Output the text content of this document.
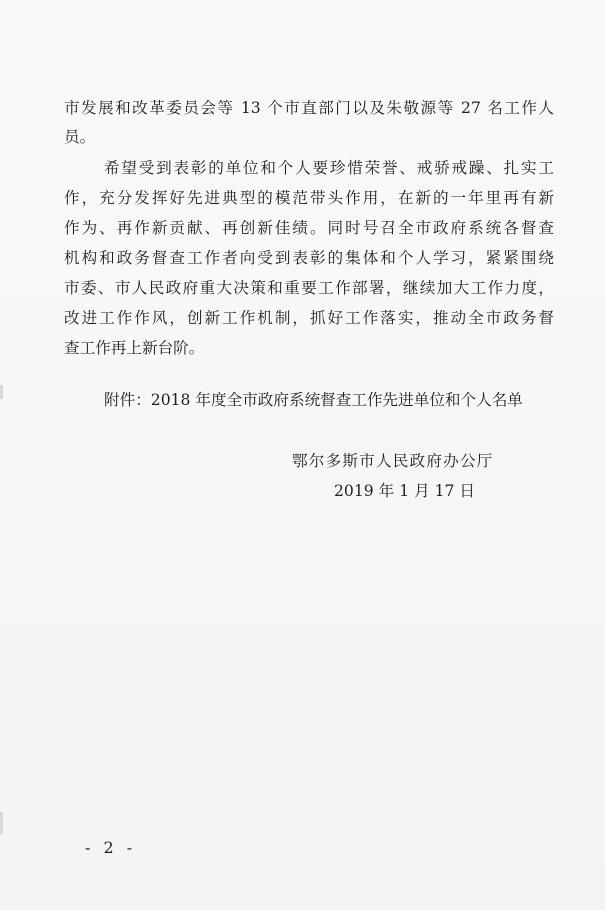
市发展和改革委员会等 13 个市直部门以及朱敬源等 27 名工作人
员。
希望受到表彰的单位和个人要珍惜荣誉、戒骄戒躁、扎实工
作，充分发挥好先进典型的模范带头作用，在新的一年里再有新
作为、再作新贡献、再创新佳绩。同时号召全市政府系统各督查
机构和政务督查工作者向受到表彰的集体和个人学习，紧紧围绕
市委、市人民政府重大决策和重要工作部署，继续加大工作力度，
改进工作作风，创新工作机制，抓好工作落实，推动全市政务督
查工作再上新台阶。
附件：2018 年度全市政府系统督查工作先进单位和个人名单
鄂尔多斯市人民政府办公厅
2019 年 1 月 17 日
- 2 -
